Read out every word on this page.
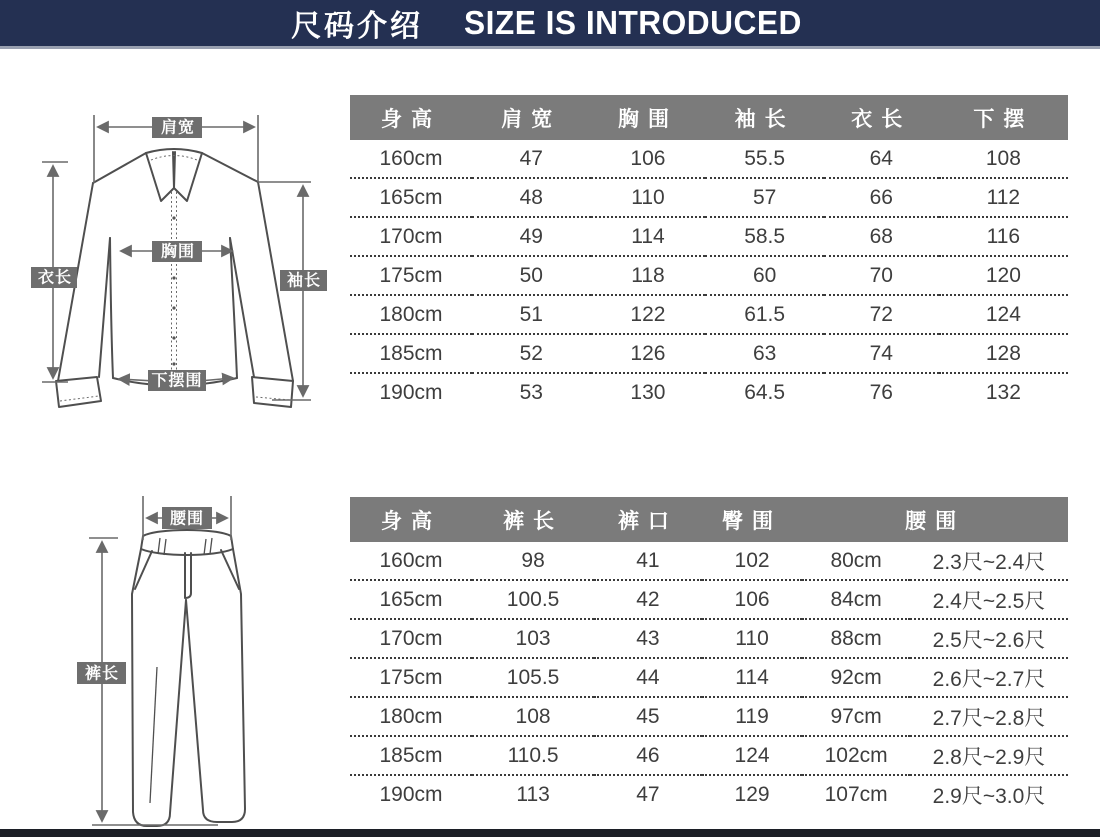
尺码介绍 SIZE IS INTRODUCED
肩宽
胸围
衣长	袖长
下摆围
身高	肩宽	胸围	袖长	衣长	下摆
160cm	47	106	55.5	64	108
165cm	48	110	57	66	112
170cm	49	114	58.5	68	116
175cm	50	118	60	70	120
180cm	51	122	61.5	72	124
185cm	52	126	63	74	128
190cm	53	130	64.5	76	132
腰围
裤长
身高	裤长	裤口	臀围	腰围	
160cm	98	41	102	80cm	2.3尺~2.4尺
165cm	100.5	42	106	84cm	2.4尺~2.5尺
170cm	103	43	110	88cm	2.5尺~2.6尺
175cm	105.5	44	114	92cm	2.6尺~2.7尺
180cm	108	45	119	97cm	2.7尺~2.8尺
185cm	110.5	46	124	102cm	2.8尺~2.9尺
190cm	113	47	129	107cm	2.9尺~3.0尺
